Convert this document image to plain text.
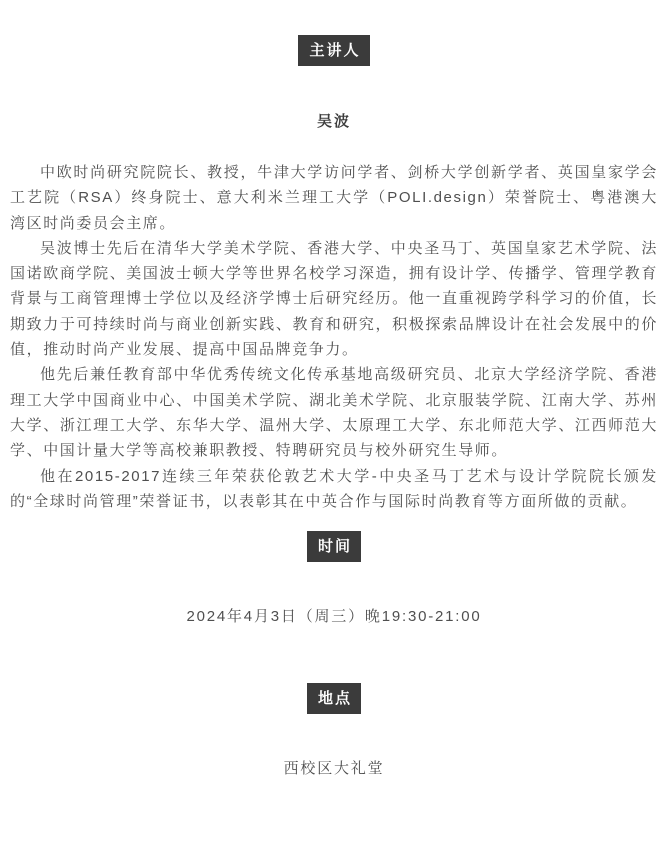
主讲人
吴波

中欧时尚研究院院长、教授，牛津大学访问学者、剑桥大学创新学者、英国皇家学会工艺院（RSA）终身院士、意大利米兰理工大学（POLI.design）荣誉院士、粤港澳大湾区时尚委员会主席。

吴波博士先后在清华大学美术学院、香港大学、中央圣马丁、英国皇家艺术学院、法国诺欧商学院、美国波士顿大学等世界名校学习深造，拥有设计学、传播学、管理学教育背景与工商管理博士学位以及经济学博士后研究经历。他一直重视跨学科学习的价值，长期致力于可持续时尚与商业创新实践、教育和研究，积极探索品牌设计在社会发展中的价值，推动时尚产业发展、提高中国品牌竞争力。

他先后兼任教育部中华优秀传统文化传承基地高级研究员、北京大学经济学院、香港理工大学中国商业中心、中国美术学院、湖北美术学院、北京服装学院、江南大学、苏州大学、浙江理工大学、东华大学、温州大学、太原理工大学、东北师范大学、江西师范大学、中国计量大学等高校兼职教授、特聘研究员与校外研究生导师。

他在2015-2017连续三年荣获伦敦艺术大学-中央圣马丁艺术与设计学院院长颁发的“全球时尚管理”荣誉证书，以表彰其在中英合作与国际时尚教育等方面所做的贡献。

时间
2024年4月3日（周三）晚19:30-21:00
地点
西校区大礼堂
